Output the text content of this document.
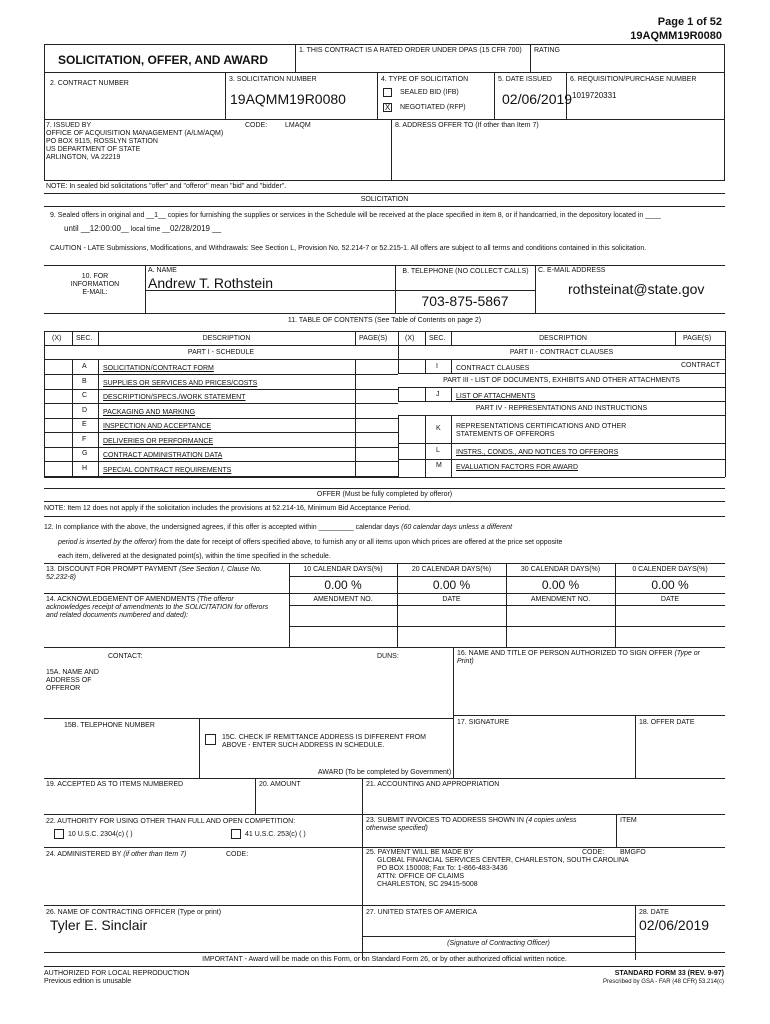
Page 1 of 52
19AQMM19R0080
SOLICITATION, OFFER, AND AWARD
1. THIS CONTRACT IS A RATED ORDER UNDER DPAS (15 CFR 700)	RATING
2. CONTRACT NUMBER
3. SOLICITATION NUMBER
19AQMM19R0080
4. TYPE OF SOLICITATION
SEALED BID (IFB)
X NEGOTIATED (RFP)
5. DATE ISSUED
02/06/2019
6. REQUISITION/PURCHASE NUMBER
1019720331
7. ISSUED BY	CODE:	LMAQM
OFFICE OF ACQUISITION MANAGEMENT (A/LM/AQM)
PO BOX 9115, ROSSLYN STATION
US DEPARTMENT OF STATE
ARLINGTON, VA 22219
8. ADDRESS OFFER TO (If other than Item 7)
NOTE: In sealed bid solicitations "offer" and "offeror" mean "bid" and "bidder".
SOLICITATION
9. Sealed offers in original and __1__ copies for furnishing the supplies or services in the Schedule will be received at the place specified in item 8, or if handcarried, in the depository located in ____
until __12:00:00__ local time __02/28/2019 __
CAUTION - LATE Submissions, Modifications, and Withdrawals: See Section L, Provision No. 52.214-7 or 52.215-1. All offers are subject to all terms and conditions contained in this solicitation.
10. FOR
INFORMATION
E-MAIL:
A. NAME
Andrew T. Rothstein
B. TELEPHONE (NO COLLECT CALLS)
703-875-5867
C. E-MAIL ADDRESS
rothsteinat@state.gov
11. TABLE OF CONTENTS (See Table of Contents on page 2)
(X) SEC.	DESCRIPTION	PAGE(S)	(X) SEC.	DESCRIPTION	PAGE(S)
PART I - SCHEDULE	PART II - CONTRACT CLAUSES
A SOLICITATION/CONTRACT FORM
B SUPPLIES OR SERVICES AND PRICES/COSTS
C DESCRIPTION/SPECS./WORK STATEMENT
D PACKAGING AND MARKING
E INSPECTION AND ACCEPTANCE
F DELIVERIES OR PERFORMANCE
G CONTRACT ADMINISTRATION DATA
H SPECIAL CONTRACT REQUIREMENTS
I	CONTRACT CLAUSES	CONTRACT
PART III - LIST OF DOCUMENTS, EXHIBITS AND OTHER ATTACHMENTS
J LIST OF ATTACHMENTS
PART IV - REPRESENTATIONS AND INSTRUCTIONS
K REPRESENTATIONS CERTIFICATIONS AND OTHER
STATEMENTS OF OFFERORS
L INSTRS., CONDS., AND NOTICES TO OFFERORS
M EVALUATION FACTORS FOR AWARD
OFFER (Must be fully completed by offeror)
NOTE: Item 12 does not apply if the solicitation includes the provisions at 52.214-16, Minimum Bid Acceptance Period.
12. In compliance with the above, the undersigned agrees, if this offer is accepted within _________ calendar days (60 calendar days unless a different
period is inserted by the offeror) from the date for receipt of offers specified above, to furnish any or all items upon which prices are offered at the price set opposite
each item, delivered at the designated point(s), within the time specified in the schedule.
13. DISCOUNT FOR PROMPT PAYMENT (See Section I, Clause No.
52.232-8)
10 CALENDAR DAYS(%)
0.00 %
20 CALENDAR DAYS(%)
0.00 %
30 CALENDAR DAYS(%)
0.00 %
0 CALENDER DAYS(%)
0.00 %
14. ACKNOWLEDGEMENT OF AMENDMENTS (The offeror
acknowledges receipt of amendments to the SOLICITATION for offerors
and related documents numbered and dated):
AMENDMENT NO.	DATE	AMENDMENT NO.	DATE
CONTACT:	DUNS:
15A. NAME AND
ADDRESS OF
OFFEROR
16. NAME AND TITLE OF PERSON AUTHORIZED TO SIGN OFFER (Type or
Print)
15B. TELEPHONE NUMBER
15C. CHECK IF REMITTANCE ADDRESS IS DIFFERENT FROM
ABOVE - ENTER SUCH ADDRESS IN SCHEDULE.
17. SIGNATURE	18. OFFER DATE
AWARD (To be completed by Government)
19. ACCEPTED AS TO ITEMS NUMBERED	20. AMOUNT	21. ACCOUNTING AND APPROPRIATION
22. AUTHORITY FOR USING OTHER THAN FULL AND OPEN COMPETITION:
10 U.S.C. 2304(c) ( )	41 U.S.C. 253(c) ( )
23. SUBMIT INVOICES TO ADDRESS SHOWN IN (4 copies unless
otherwise specified)
ITEM
24. ADMINISTERED BY (if other than Item 7)	CODE:	25. PAYMENT WILL BE MADE BY	CODE: BMGFO
GLOBAL FINANCIAL SERVICES CENTER, CHARLESTON, SOUTH CAROLINA
PO BOX 150008; Fax To: 1-866-483-3436
ATTN: OFFICE OF CLAIMS
CHARLESTON, SC 29415-5008
26. NAME OF CONTRACTING OFFICER (Type or print)
Tyler E. Sinclair
27. UNITED STATES OF AMERICA	28. DATE
02/06/2019
(Signature of Contracting Officer)
IMPORTANT - Award will be made on this Form, or on Standard Form 26, or by other authorized official written notice.
AUTHORIZED FOR LOCAL REPRODUCTION
Previous edition is unusable
STANDARD FORM 33 (REV. 9-97)
Prescribed by GSA - FAR (48 CFR) 53.214(c)
